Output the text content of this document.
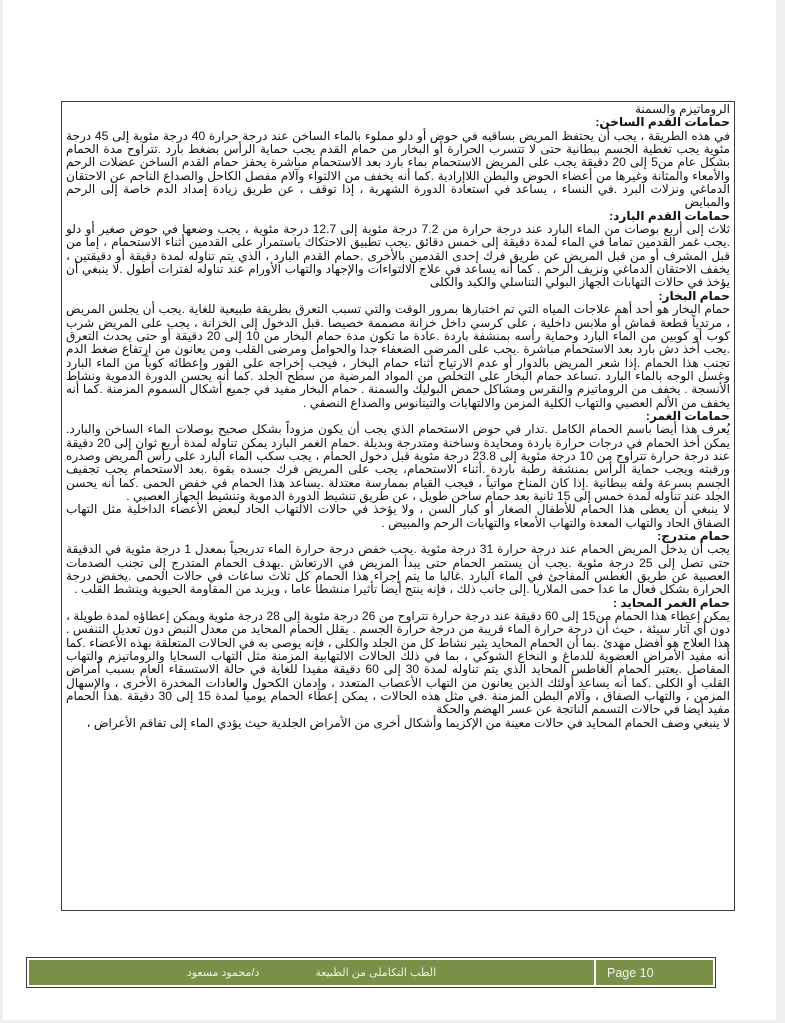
الروماتيزم والسمنة

حمامات القدم الساخن:

في هذه الطريقة ، يجب أن يحتفظ المريض بساقيه في حوض أو دلو مملوء بالماء الساخن عند درجة حرارة 40 درجة مئوية إلى 45 درجة مئوية يجب تغطية الجسم ببطانية حتى لا تتسرب الحرارة أو البخار من حمام القدم يجب حماية الرأس بضغط بارد .تتراوح مدة الحمام بشكل عام من5 إلى 20 دقيقة يجب على المريض الاستحمام بماء بارد بعد الاستحمام مباشرة يحفز حمام القدم الساخن عضلات الرحم والأمعاء والمثانة وغيرها من أعضاء الحوض والبطن اللاإرادية .كما أنه يخفف من الالتواء وآلام مفصل الكاحل والصداع الناجم عن الاحتقان الدماغي ونزلات البرد .في النساء ، يساعد في استعادة الدورة الشهرية ، إذا توقف ، عن طريق زيادة إمداد الدم خاصة إلى الرحم والمبايض

حمامات القدم البارد:

ثلاث إلى أربع بوصات من الماء البارد عند درجة حرارة من 7.2 درجة مئوية إلى 12.7 درجة مئوية ، يجب وضعها في حوض صغير أو دلو .يجب غمر القدمين تماما في الماء لمدة دقيقة إلى خمس دقائق .يجب تطبيق الاحتكاك باستمرار على القدمين أثناء الاستحمام ، إما من قبل المشرف أو من قبل المريض عن طريق فرك إحدى القدمين بالأخرى .حمام القدم البارد ، الذي يتم تناوله لمدة دقيقة أو دقيقتين ، يخفف الاحتقان الدماغي ونزيف الرحم . كما أنه يساعد في علاج الالتواءات والإجهاد والتهاب الأورام عند تناوله لفترات أطول .لا ينبغي أن يؤخذ في حالات التهابات الجهاز البولي التناسلي والكبد والكلى

حمام البخار:

حمام البخار هو أحد أهم علاجات المياه التي تم اختبارها بمرور الوقت والتي تسبب التعرق بطريقة طبيعية للغاية .يجب أن يجلس المريض ، مرتدياً قطعة قماش أو ملابس داخلية ، على كرسي داخل خزانة مصممة خصيصا .قبل الدخول إلى الخزانة ، يجب على المريض شرب كوب أو كوبين من الماء البارد وحماية رأسه بمنشفة باردة .عادة ما تكون مدة حمام البخار من 10 إلى 20 دقيقة أو حتى يحدث التعرق .يجب أخذ دش بارد بعد الاستحمام مباشرة .يجب على المرضى الضعفاء جدا والحوامل ومرضى القلب ومن يعانون من ارتفاع ضغط الدم تجنب هذا الحمام .إذا شعر المريض بالدوار أو عدم الارتياح أثناء حمام البخار ، فيجب إخراجه على الفور وإعطائه كوباً من الماء البارد وغسل الوجه بالماء البارد .تساعد حمام البخار على التخلص من المواد المرضية من سطح الجلد .كما أنه يحسن الدورة الدموية ونشاط الأنسجة . يخفف من الروماتيزم والنقرس ومشاكل حمض البوليك والسمنة . حمام البخار مفيد في جميع أشكال السموم المزمنة .كما أنه يخفف من الألم العصبي والتهاب الكلية المزمن والالتهابات والتيتانوس والصداع النصفي .

حمامات الغمر:

يُعرف هذا أيضا باسم الحمام الكامل .تدار في حوض الاستحمام الذي يجب أن يكون مزوداً بشكل صحيح بوصلات الماء الساخن والبارد. يمكن أخذ الحمام في درجات حرارة باردة ومحايدة وساخنة ومتدرجة وبديلة .حمام الغمر البارد يمكن تناوله لمدة أربع ثوانٍ إلى 20 دقيقة عند درجة حرارة تتراوح من 10 درجة مئوية إلى 23.8 درجة مئوية قبل دخول الحمام ، يجب سكب الماء البارد على رأس المريض وصدره ورقبته ويجب حماية الرأس بمنشفة رطبة باردة .أثناء الاستحمام، يجب على المريض فرك جسده بقوة .بعد الاستحمام يجب تجفيف الجسم بسرعة ولفه ببطانية .إذا كان المناخ مواتياً ، فيجب القيام بممارسة معتدلة .يساعد هذا الحمام في خفض الحمى .كما أنه يحسن الجلد عند تناوله لمدة خمس إلى 15 ثانية بعد حمام ساخن طويل ، عن طريق تنشيط الدورة الدموية وتنشيط الجهاز العصبي .

لا ينبغي أن يعطى هذا الحمام للأطفال الصغار أو كبار السن ، ولا يؤخذ في حالات الالتهاب الحاد لبعض الأعضاء الداخلية مثل التهاب الصفاق الحاد والتهاب المعدة والتهاب الأمعاء والتهابات الرحم والمبيض .

حمام متدرج:

يجب أن يدخل المريض الحمام عند درجة حرارة 31 درجة مئوية .يجب خفض درجة حرارة الماء تدريجياً بمعدل 1 درجة مئوية في الدقيقة حتى تصل إلى 25 درجة مئوية .يجب أن يستمر الحمام حتى يبدأ المريض في الارتعاش .يهدف الحمام المتدرج إلى تجنب الصدمات العصبية عن طريق الغطس المفاجئ في الماء البارد .غالبا ما يتم إجراء هذا الحمام كل ثلاث ساعات في حالات الحمى .يخفض درجة الحرارة بشكل فعال ما عدا حمى الملاريا .إلى جانب ذلك ، فإنه ينتج أيضا تأثيرا منشطا عاما ، ويزيد من المقاومة الحيوية وينشط القلب .

حمام الغمر المحايد :

يمكن إعطاء هذا الحمام من15 إلى 60 دقيقة عند درجة حرارة تتراوح من 26 درجة مئوية إلى 28 درجة مئوية ويمكن إعطاؤه لمدة طويلة ، دون أي آثار سيئة ، حيث أن درجة حرارة الماء قريبة من درجة حرارة الجسم . يقلل الحمام المحايد من معدل النبض دون تعديل التنفس . هذا العلاج هو أفضل مهدئ .بما أن الحمام المحايد يثير نشاط كل من الجلد والكلى ، فإنه يوصى به في الحالات المتعلقة بهذه الأعضاء .كما أنه مفيد الأمراض العضوية للدماغ و النخاع الشوكي ، بما في ذلك الحالات الالتهابية المزمنة مثل التهاب السحايا والروماتيزم والتهاب المفاصل .يعتبر الحمام الغاطس المحايد الذي يتم تناوله لمدة 30 إلى 60 دقيقة مفيدا للغاية في حالة الاستسقاء العام بسبب أمراض القلب أو الكلى .كما أنه يساعد أولئك الذين يعانون من التهاب الأعصاب المتعدد ، وإدمان الكحول والعادات المخدرة الأخرى ، والإسهال المزمن ، والتهاب الصفاق ، وآلام البطن المزمنة .في مثل هذه الحالات ، يمكن إعطاء الحمام يومياً لمدة 15 إلى 30 دقيقة .هذا الحمام مفيد أيضا في حالات التسمم الناتجة عن عسر الهضم والحكة

لا ينبغي وصف الحمام المحايد في حالات معينة من الإكزيما وأشكال أخرى من الأمراض الجلدية حيث يؤدي الماء إلى تفاقم الأعراض ،

الطب التكاملى من الطبيعة
د/محمود مسعود	Page 10
